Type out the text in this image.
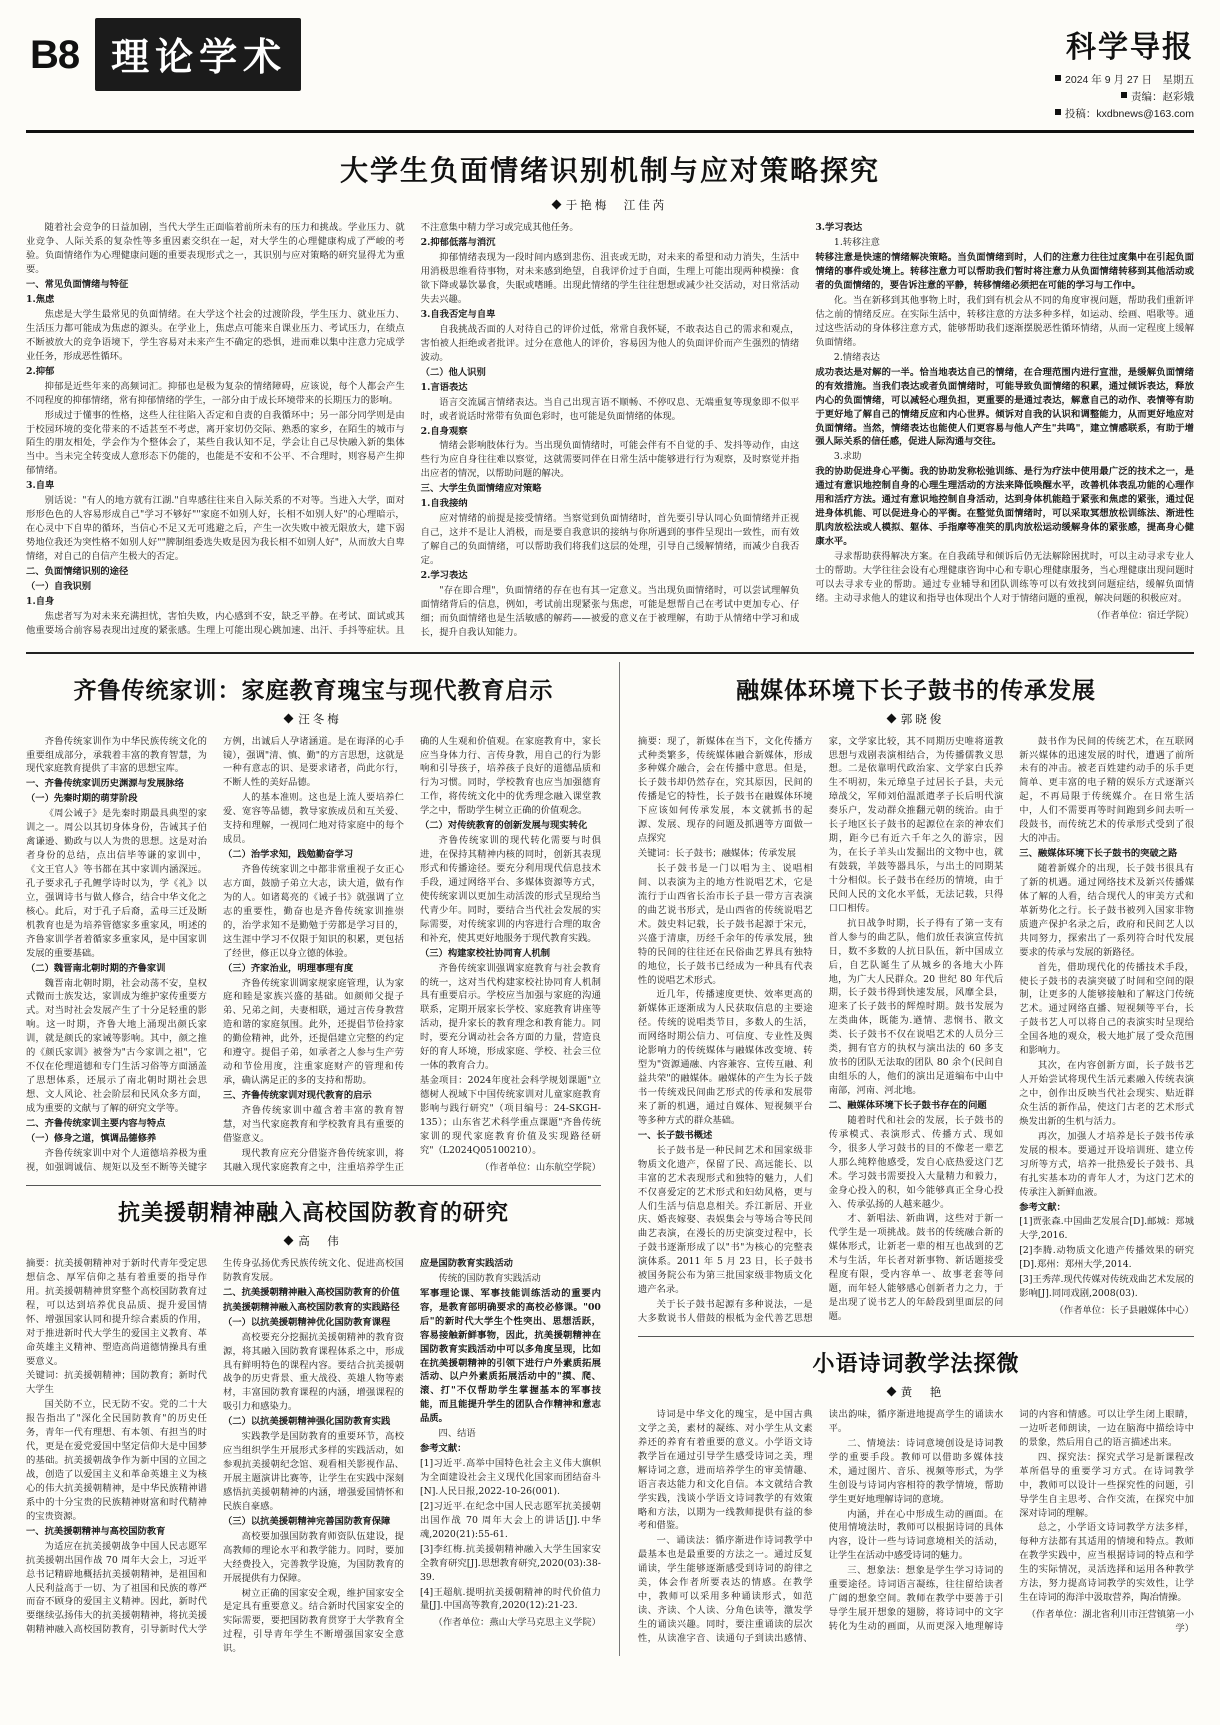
B8 理论学术	科学导报
2024 年 9 月 27 日　 星期五
责编：赵彩娥
投稿：kxdbnews@163.com
大学生负面情绪识别机制与应对策略探究
于艳梅　江佳芮

随着社会竞争的日益加剧，当代大学生正面临着前所未有的压力和挑战。学业压力、就业竞争、人际关系的复杂性等多重因素交织在一起，对大学生的心理健康构成了严峻的考验。负面情绪作为心理健康问题的重要表现形式之一，其识别与应对策略的研究显得尤为重要。

一、常见负面情绪与特征

1.焦虑

焦虑是大学生最常见的负面情绪。在大学这个社会的过渡阶段，学生压力、就业压力、生活压力都可能成为焦虑的源头。在学业上，焦虑点可能来自课业压力、考试压力，在绩点不断被放大的竞争语境下，学生容易对未来产生不确定的恐惧，进而难以集中注意力完成学业任务，形成恶性循环。

2.抑郁

抑郁是近些年来的高频词汇。抑郁也是极为复杂的情绪障碍，应该说，每个人都会产生不同程度的抑郁情绪，常有抑郁情绪的学生，一部分由于成长环境带来的长期压力的影响。

形成过于懂事的性格，这些人往往陷入否定和自责的自我循环中；另一部分同学则是由于校园环境的变化带来的不适甚至不考虑，离开家切仍交际、熟悉的家乡，在陌生的城市与陌生的朋友相处，学会作为个整体会了，某些自我认知不足，学会让自己尽快融入新的集体当中。当未完全转变成人意形态下仍能的，也能是不安和不公平、不合理时，则容易产生抑郁情绪。

3.自卑

别话说："有人的地方就有江湖."自卑感往往来自入际关系的不对等。当进入大学，面对形形色色的人容易形成自己"学习不够好""家庭不如别人好，长相不如别人好"的心理暗示，在心灵中下自卑的循环，当信心不足又无可逃避之后，产生一次失败中被无限放大，建下弱势地位我还为突性格不如别人好""脾制组委选失败是因为我长相不如别人好"，从而放大自卑情绪，对自己的自信产生极大的否定。

二、负面情绪识别的途径

（一）自我识别

1.自身

焦虑者写为对未来充满担忧，害怕失败，内心感到不安，缺乏平静。在考试、面试或其他重要场合前容易表现出过度的紧张感。生理上可能出现心跳加速、出汗、手抖等症状。且不注意集中精力学习或完成其他任务。

2.抑郁低落与消沉

抑郁情绪表现为一段时间内感到悲伤、沮丧或无助，对未来的希望和动力消失，生活中用消极思维看待事物，对未来感到绝望，自我评价过于自面，生理上可能出现两种模操：食欲下降或暴饮暴食，失眠或嗜睡。出现此情绪的学生往往想想或减少社交活动，对日常活动失去兴趣。

3.自我否定与自卑

自我挑战否面的人对待自己的评价过低，常常自我怀疑，不敢表达自己的需求和观点，害怕被人拒绝或者批评。过分在意他人的评价，容易因为他人的负面评价而产生强烈的情绪波动。

（二）他人识别

1.言语表达

语言交流属言情绪表达。当自己出现言语不顺畅、不停叹息、无端重复等现象即不似平时，或者说话时常带有负面色彩时，也可能是负面情绪的体现。

2.自身观察

情绪会影响肢体行为。当出现负面情绪时，可能会伴有不自觉的手、发抖等动作，由这些行为应自身往往难以察觉，这就需要同伴在日常生活中能够进行行为观察，及时察觉并指出应者的情况，以帮助问题的解决。

三、大学生负面情绪应对策略

1.自我接纳

应对情绪的前提是接受情绪。当察觉到负面情绪时，首先要引导认同心负面情绪并正视自己，这并不是让人消极，而是要自我意识的接纳与你所遇到的事件呈现出一致性，而有效了解自己的负面情绪，可以帮助我们将我们这层的处理，引导自己缓解情绪，而减少自我否定。

2.学习表达

"存在即合理"，负面情绪的存在也有其一定意义。当出现负面情绪时，可以尝试理解负面情绪背后的信息，例如，考试前出现紧张与焦虑，可能是想帮自己在考试中更加专心、仔细；而负面情绪也是生活敏感的解药——被爱的意义在于被理解，有助于从情绪中学习和成长，提升自我认知能力。

3.学习表达

1.转移注意

转移注意是快速的情绪解决策略。当负面情绪到时，人们的注意力往往过度集中在引起负面情绪的事件或处境上。转移注意力可以帮助我们暂时将注意力从负面情绪转移到其他活动或者的负面情绪的，要告诉注意的平静，转移情绪必须把在可能的学习与工作中。

化。当在新移到其他事物上时，我们到有机会从不同的角度审视问题，帮助我们重新评估之前的情绪反应。在实际生活中，转移注意的方法多种多样，如运动、绘画、唱歌等。通过这些活动的身体移注意方式，能够帮助我们逐渐摆脱恶性循环情绪，从而一定程度上缓解负面情绪。

2.情绪表达

成功表达是对解的一半。恰当地表达自己的情绪，在合理范围内进行宣泄，是缓解负面情绪的有效措施。当我们表达或者负面情绪时，可能导致负面情绪的积累，通过倾诉表达，释放内心的负面情绪，可以减轻心理负担，更重要的是通过表达，解意自己的动作、表情等有助于更好地了解自己的情绪反应和内心世界。倾诉对自我的认识和调整能力，从而更好地应对负面情绪。当然，情绪表达也能使人们更容易与他人产生"共鸣"，建立情感联系，有助于增强人际关系的信任感，促进人际沟通与交往。

3.求助

我的协助促进身心平衡。我的协助发称松弛训练、是行为疗法中使用最广泛的技术之一，是通过有意识地控制自身的心理生理活动的方法来降低唤醒水平，改善机体表乱功能的心理作用和活疗方法。通过有意识地控制自身活动，达到身体机能趋于紧张和焦虑的紧张，通过促进身体机能、可以促进身心的平衡。在整觉负面情绪时，可以采取冥想放松训练法、渐进性肌肉放松法或人模拟、躯体、手指摩等准笑的肌肉放松运动缓解身体的紧张感，提高身心健康水平。

寻求帮助获得解决方案。在自我疏导和倾诉后仍无法解除困扰时，可以主动寻求专业人士的帮助。大学往往会设有心理健康咨询中心和专职心理健康服务，当心理健康出现问题时可以去寻求专业的帮助。通过专业辅导和团队训练等可以有效找到问题症结，缓解负面情绪。主动寻求他人的建议和指导也体现出个人对于情绪问题的重视，解决问题的积极应对。

（作者单位：宿迁学院）

齐鲁传统家训：家庭教育瑰宝与现代教育启示
汪冬梅

齐鲁传统家训作为中华民族传统文化的重要组成部分，承载着丰富的教育智慧，为现代家庭教育提供了丰富的思想宝库。

一、齐鲁传统家训历史渊源与发展脉络

（一）先秦时期的萌芽阶段

《周公诫子》是先秦时期最具典型的家训之一。周公以其切身体身份，告诫其子伯禽谦逊、勤政与以人为贵的思想。这是对治者身份的总结，点出信毕等谦的家训中，《文王官人》等书都在其中家训内涵深远。孔子要求孔子孔鲤学诗时以为，学《礼》以立，强调诗书与做人修合，结合中华文化之核心。此后，对于孔子后裔，孟母三迁及断机教育也是为培养管德家多重家风，明述的齐鲁家训学者着循家多重家风，是中国家训发展的重要基础。

（二）魏晋南北朝时期的齐鲁家训

魏晋南北朝时期，社会动荡不安，皇权式微而士族发达，家训成为维护家传重要方式。对当时社会发展产生了十分足轻重的影响。这一时期，齐鲁大地上涌现出颜氏家训，就是颜氏的家诫等影响。其中，颜之推的《颜氏家训》被誉为"古今家训之祖"，它不仅在伦理道德和专门生活习俗等方面涵盖了思想体系，还展示了南北朝时期社会思想、文人风论、社会阶层和民风众多方面，成为重要的文献与了解的研究文学等。

二、齐鲁传统家训主要内容与特点

（一）修身之道，慎调品德修养

齐鲁传统家训中对个人道德培养极为重视，如强调诚信、规矩以及至不断等关键字方例，出诚后人孕诸涵道。是在诲泽的心手镜），强调"清、慎、勤"的方言思想，这就是一种有意志的识、是要求诸者，尚此尔行，不断人性的美好品德。

人的基本准则。这也是上流人要培养仁爱、宽容等品德，教导家族成员和互关爱、支持和理解，一视同仁地对待家庭中的每个成员。

（二）治学求知，践勉勤奋学习

齐鲁传统家训之中都非常重视子女正心志方面，鼓励子弟立大志，读大道，做有作为的人。如诸葛亮的《诫子书》就强调了立志的重要性，勤奋也是齐鲁传统家训推崇的，治学求知不是勤勉于劳都是学习目的，这生涯中学习不仅限于知识的积累，更包括了经世，修正以身立德的体验。

（三）齐家治业，明理事理有度

齐鲁传统家训调家规家庭管理，认为家庭和睦是家族兴盛的基础。如颜师父提子弟、兄弟之间，夫妻相联，通过言传身教营造和谐的家庭氛围。此外，还提倡节俭持家的勤俭精神，此外，还提倡建立完整的约定和遵守。提倡子弟，如承者之人参与生产劳动和节俭用度，注重家庭财产的管理和传承，确认满足正的多的支持和帮助。

三、齐鲁传统家训对现代教育的启示

齐鲁传统家训中蕴含着丰富的教育智慧，对当代家庭教育和学校教育具有重要的借鉴意义。

现代教育应充分借鉴齐鲁传统家训，将其融入现代家庭教育之中，注重培养学生正确的人生观和价值观。在家庭教育中，家长应当身体力行、言传身教，用自己的行为影响和引导孩子，培养孩子良好的道德品质和行为习惯。同时，学校教育也应当加强德育工作，将传统文化中的优秀理念融入课堂教学之中，帮助学生树立正确的价值观念。

（二）对传统教育的创新发展与现实转化

齐鲁传统家训的现代转化需要与时俱进，在保持其精神内核的同时，创新其表现形式和传播途径。要充分利用现代信息技术手段，通过网络平台、多媒体资源等方式，使传统家训以更加生动活泼的形式呈现给当代青少年。同时，要结合当代社会发展的实际需要，对传统家训的内容进行合理的取舍和补充，使其更好地服务于现代教育实践。

（三）构建家校社协同育人机制

齐鲁传统家训强调家庭教育与社会教育的统一，这对当代构建家校社协同育人机制具有重要启示。学校应当加强与家庭的沟通联系，定期开展家长学校、家庭教育讲座等活动，提升家长的教育理念和教育能力。同时，要充分调动社会各方面的力量，营造良好的育人环境，形成家庭、学校、社会三位一体的教育合力。

基金项目：2024年度社会科学规划课题"立德树人视域下中国传统家训对儿童家庭教育影响与践行研究"（项目编号：24-SKGH-135）；山东省艺术科学重点课题"齐鲁传统家训的现代家庭教育价值及实现路径研究"（L2024Q05100210）。

（作者单位：山东航空学院）

抗美援朝精神融入高校国防教育的研究
高　伟

摘要：抗美援朝精神对于新时代青年受定思想信念、厚军信仰之基有着重要的指导作用。抗美援朝精神贯穿整个高校国防教育过程，可以达到培养优良品质、提升爱国情怀、增强国家认同和提升综合素质的作用，对于推进新时代大学生的爱国主义教育、革命英雄主义精神、塑造高尚道德情操具有重要意义。

关键词：抗美援朝精神；国防教育；新时代大学生

国关防不立，民无防不安。党的二十大报告指出了"深化全民国防教育"的历史任务，青年一代有理想、有本领、有担当的时代，更是在爱党爱国中坚定信仰大是中国梦的基础。抗美援朝战争作为新中国的立国之战，创造了以爱国主义和革命英雄主义为核心的伟大抗美援朝精神，是中华民族精神谱系中的十分宝贵的民族精神财富和时代精神的宝贵资源。

一、抗美援朝精神与高校国防教育

为适应在抗美援朝战争中国人民志愿军抗美援朝出国作战 70 周年大会上，习近平总书记精辟地概括抗美援朝精神，是祖国和人民利益高于一切、为了祖国和民族的尊严而奋不顾身的爱国主义精神。因此，新时代要继续弘扬伟大的抗美援朝精神，将抗美援朝精神融入高校国防教育，引导新时代大学生传身弘扬优秀民族传统文化、促进高校国防教育发展。

二、抗美援朝精神融入高校国防教育的价值

抗美援朝精神融入高校国防教育的实践路径

（一）以抗美援朝精神优化国防教育课程

高校要充分挖掘抗美援朝精神的教育资源，将其融入国防教育课程体系之中，形成具有鲜明特色的课程内容。要结合抗美援朝战争的历史背景、重大战役、英雄人物等素材，丰富国防教育课程的内涵，增强课程的吸引力和感染力。

（二）以抗美援朝精神强化国防教育实践

实践教学是国防教育的重要环节，高校应当组织学生开展形式多样的实践活动，如参观抗美援朝纪念馆、观看相关影视作品、开展主题演讲比赛等，让学生在实践中深刻感悟抗美援朝精神的内涵，增强爱国情怀和民族自豪感。

（三）以抗美援朝精神完善国防教育保障

高校要加强国防教育师资队伍建设，提高教师的理论水平和教学能力。同时，要加大经费投入，完善教学设施，为国防教育的开展提供有力保障。

树立正确的国家安全观，维护国家安全是定具有重要意义。结合新时代国家安全的实际需要，要把国防教育贯穿于大学教育全过程，引导青年学生不断增强国家安全意识。

应是国防教育实践活动

传统的国防教育实践活动

军事理论课、军事技能训练活动的重要内容，是教育部明确要求的高校必修课。"00 后"的新时代大学生个性突出、思想活跃，容易接触新鲜事物，因此，抗美援朝精神在国防教育实践活动中可以多角度呈现，比如在抗美援朝精神的引领下进行户外素质拓展活动、以户外素质拓展活动中的"摸、爬、滚、打"不仅帮助学生掌握基本的军事技能，而且能提升学生的团队合作精神和意志品质。

四、结语

参考文献：

[1]习近平.高举中国特色社会主义伟大旗帜 为全面建设社会主义现代化国家而团结奋斗[N].人民日报,2022-10-26(001).

[2]习近平.在纪念中国人民志愿军抗美援朝出国作战 70 周年大会上的讲话[J].中华魂,2020(21):55-61.

[3]李红梅.抗美援朝精神融入大学生国家安全教育研究[J].思想教育研究,2020(03):38-39.

[4]王超航.提明抗美援朝精神的时代价值力量[J].中国高等教育,2020(12):21-23.

（作者单位：燕山大学马克思主义学院）

融媒体环境下长子鼓书的传承发展
郭晓俊

摘要：现了，新媒体在当下，文化传播方式种类繁多，传统媒体融合新媒体，形成多种媒介融合，会在传播中意思。但是，长子鼓书却仍然存在，究其原因，民间的传播是它的特性，长子鼓书在融媒体环境下应该如何传承发展，本文就抓书的起源、发展、现存的问题及抓遇等方面做一点探究

关键词：长子鼓书；融媒体；传承发展

长子鼓书是一门以唱为主、说唱相间、以表演为主的地方性说唱艺术，它是流行于山西省长治市长子县一带方言表演的曲艺说书形式，是山西省的传统说唱艺术。鼓史料记载，长子鼓书起源于宋元，兴盛于清康，历经千余年的传承发展，独特的民间的往往还在民俗曲艺界具有独特的地位，长子鼓书已经成为一种具有代表性的说唱艺术形式。

近几年，传播速度更快、效率更高的新媒体正逐渐成为人民获取信息的主要途径。传统的说唱类节目，多数人的生活，而网络时期公信力、可信度、专业性及舆论影响力的传统媒体与融媒体改变境、转型为"资源通融、内容兼容、宣传互融、利益共荣"的融媒体。融媒体的产生为长子鼓书一传统戏民间曲艺形式的传承和发展带来了新的机遇，通过自媒体、短视频平台等多种方式的群众基础。

一、长子鼓书概述

长子鼓书是一种民间艺术和国家级非物质文化遗产，保留了民、高远能长、以丰富的艺术表现形式和独特的魅力，人们不仅喜爱定的艺术形式和妇幼风格，更与人们生活与信息息相关。乔江新居、开业庆、婚丧嫁娶、表娱集会与等场合等民间曲艺表演，在漫长的历史演变过程中，长子鼓书逐渐形成了以"书"为核心的完整表演体系。2011 年 5 月 23 日，长子鼓书被国务院公布为第三批国家级非物质文化遗产名录。

关于长子鼓书起源有多种说法，一是大多数说书人借鼓的根柢为金代善艺思想家，文学家比较，其不同期历史唯将道教思想与戏剧表演相结合，为传播儒教义思想。二是依靠明代政治家、文学家白氏养生不明初，朱元璋皇子过居长子县，夫元璋战父，军师刘伯温派遣孝子长后明代演奏乐户，发动群众推翻元朝的统治。由于长子地区长子鼓书的起源位在亲的神农们期，距今已有近六千年之久的游宗，因为，在长子羊头山发掘出的文物中也，就有鼓载，羊鼓等器具乐，与出土的同期某十分相似。长子鼓书在经历的情境，由于民间人民的文化水平低，无法记载，只得口口相传。

抗日战争时期，长子得有了第一支有首人参与的曲艺队，他们放任表演宣传抗日，数不多数的人抗日队伍，新中国成立后，自艺队诞生了从城乡的各地大小阵地，为广大人民群众。20 世纪 80 年代后期，长子鼓书得到快速发展，风靡全县，迎来了长子鼓书的辉煌时期。鼓书发展为左类曲体，既能为.遒情、悲悯书、散文类、长子鼓书不仅在说唱艺术的人员分三类，拥有官方的执权与演出法的 60 多支放书的团队无法取的团队 80 余个(民间自由组乐的人，他们的演出足道编布中山中南部，河南、河北地。

二、融媒体环境下长子鼓书存在的问题

随着时代和社会的发展，长子鼓书的传承模式、表演形式、传播方式、现如今，很多人学习鼓书的目的不像老一辈艺人那么纯粹他感受，发自心底热爱这门艺术。学习鼓书需要投入大量精力和毅力，金身心投入的积，如今能够真正全身心投入、传承弘扬的人越来越少。

才、新唱法、新曲调，这些对于新一代学生是一项挑战。鼓书的传统融合新的媒体形式，让新老一辈的相互也战到的艺术与生活，年长者对新事物、新话题接受程度有限，受内容单一、故事老套等问题，而年轻人能够感心创新者力之力，于是出现了说书艺人的年龄段到里面层的问题。

鼓书作为民间的传统艺术，在互联网新兴媒体的迅速发展的时代，遭遇了前所未有的冲击。被老百姓建约动手的乐手更简单、更丰富的电子精的娱乐方式逐渐兴起，不再局限于传统媒介。在日常生活中，人们不需要再等时间跑到乡间去听一段鼓书，而传统艺术的传承形式受到了很大的冲击。

三、融媒体环境下长子鼓书的突破之路

随着新媒介的出现，长子鼓书很具有了新的机遇。通过网络技术及新兴传播媒体了解的人看，结合现代人的审美方式和革新势化之行。长子鼓书被列入国家非物质遗产保护名录之后，政府和民间艺人以共同努力，探索出了一系列符合时代发展要求的传承与发展的新路径。

首先，借助现代化的传播技术手段，使长子鼓书的表演突破了时间和空间的限制，让更多的人能够接触和了解这门传统艺术。通过网络直播、短视频等平台，长子鼓书艺人可以将自己的表演实时呈现给全国各地的观众，极大地扩展了受众范围和影响力。

其次，在内容创新方面，长子鼓书艺人开始尝试将现代生活元素融入传统表演之中，创作出反映当代社会现实、贴近群众生活的新作品，使这门古老的艺术形式焕发出新的生机与活力。

再次，加强人才培养是长子鼓书传承发展的根本。要通过开设培训班、建立传习所等方式，培养一批热爱长子鼓书、具有扎实基本功的青年人才，为这门艺术的传承注入新鲜血液。

参考文献：

[1]贾张森.中国曲艺发展合[D].邮城：郑城大学,2016.

[2]李腾.动物质文化遗产传播效果的研究[D].郑州：郑州大学,2014.

[3]王秀萍.现代传媒对传统戏曲艺术发展的影响[J].同同戏剧,2008(03).

（作者单位：长子县融媒体中心）

小语诗词教学法探微
黄　艳

诗词是中华文化的瑰宝，是中国古典文学之美，素材的凝练、对小学生从文素养还的养育有着重要的意义。小学语文诗教学旨在通过引导学生感受诗词之美，理解诗词之意，进而培养学生的审美情趣、语言表达能力和文化自信。本文就结合教学实践，浅谈小学语文诗词教学的有效策略和方法，以期为一线教师提供有益的参考和借鉴。

一、诵读法：循序渐进作诗词教学中最基本也是最重要的方法之一。通过反复诵读，学生能够逐渐感受到诗词的韵律之美，体会作者所要表达的情感。在教学中，教师可以采用多种诵读形式，如范读、齐读、个人读、分角色读等，激发学生的诵读兴趣。同时，要注重诵读的层次性，从读准字音、读通句子到读出感情、读出韵味，循序渐进地提高学生的诵读水平。

二、情境法：诗词意境创设是诗词教学的重要手段。教师可以借助多媒体技术，通过图片、音乐、视频等形式，为学生创设与诗词内容相符的教学情境，帮助学生更好地理解诗词的意境。

内涵，并在心中形成生动的画面。在使用情境法时，教师可以根据诗词的具体内容，设计一些与诗词意境相关的活动，让学生在活动中感受诗词的魅力。

三、想象法：想象是学生学习诗词的重要途径。诗词语言凝练，往往留给读者广阔的想象空间。教师在教学中要善于引导学生展开想象的翅膀，将诗词中的文字转化为生动的画面，从而更深入地理解诗词的内容和情感。可以让学生闭上眼睛，一边听老师朗读，一边在脑海中描绘诗中的景象，然后用自己的语言描述出来。

四、探究法：探究式学习是新课程改革所倡导的重要学习方式。在诗词教学中，教师可以设计一些探究性的问题，引导学生自主思考、合作交流，在探究中加深对诗词的理解。

总之，小学语文诗词教学方法多样，每种方法都有其适用的情境和特点。教师在教学实践中，应当根据诗词的特点和学生的实际情况，灵活选择和运用各种教学方法，努力提高诗词教学的实效性，让学生在诗词的海洋中汲取营养，陶冶情操。

（作者单位：湖北省利川市汪营镇第一小学）
